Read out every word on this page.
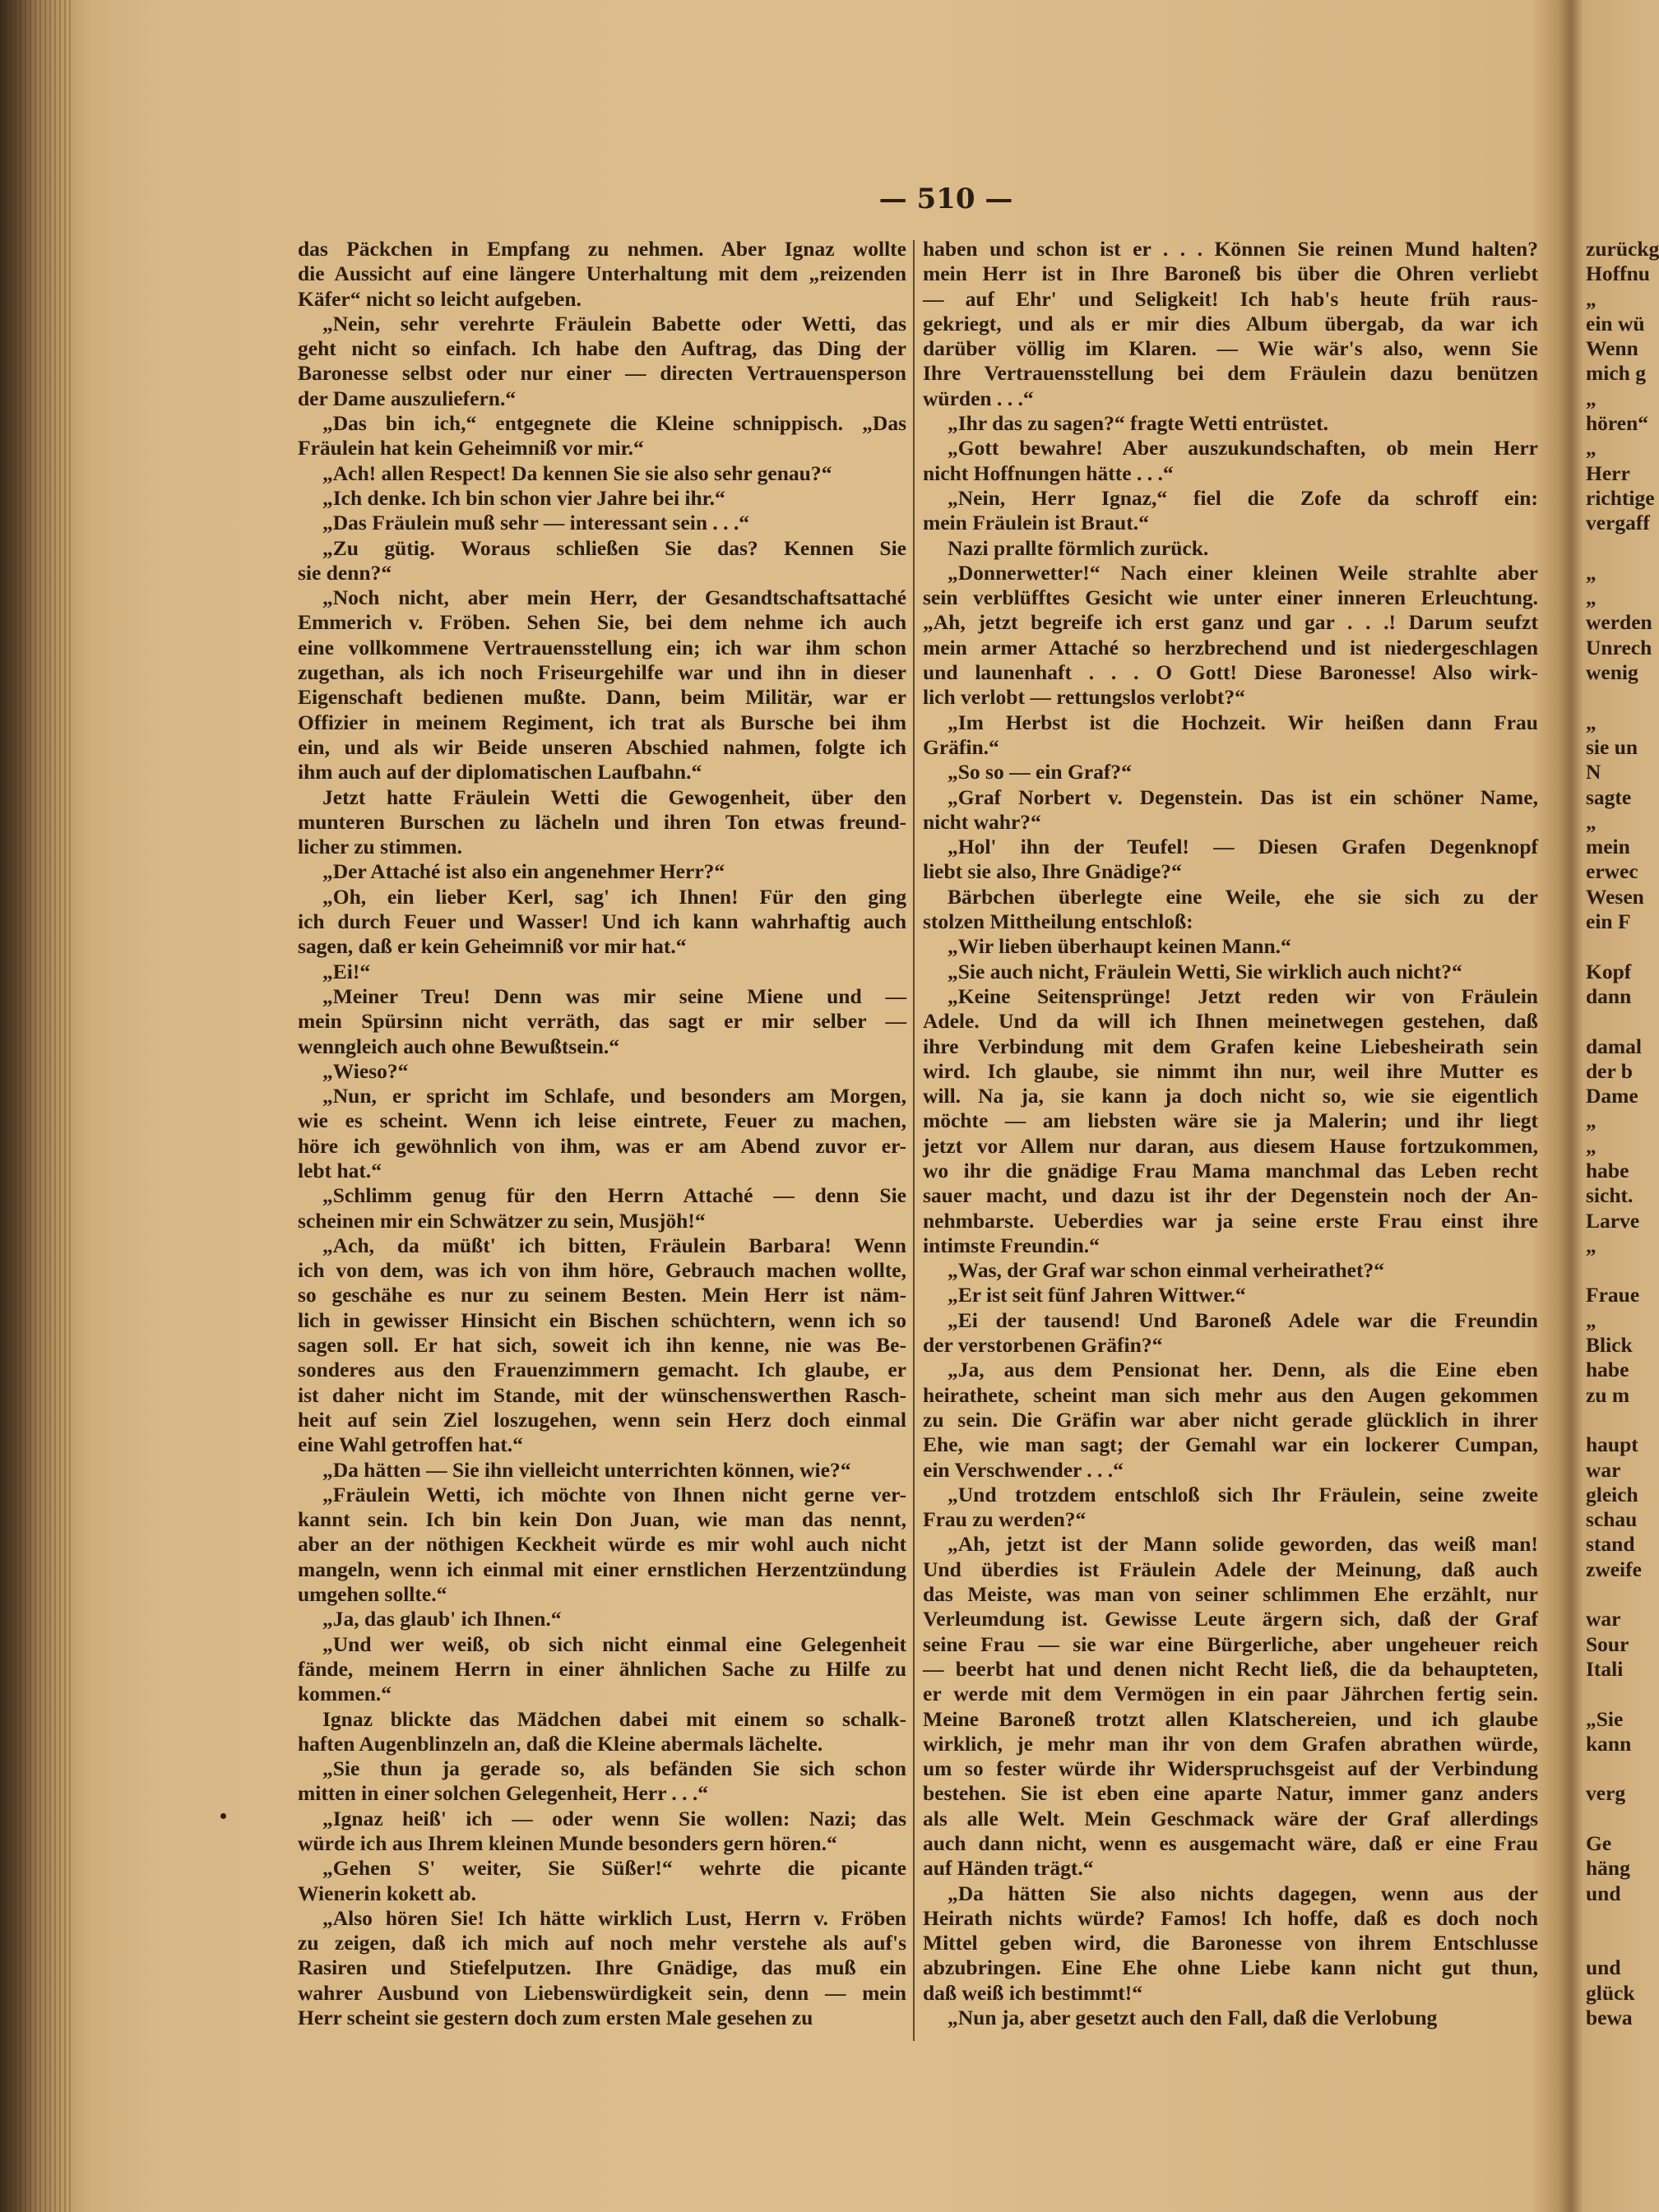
— 510 —
das Päckchen in Empfang zu nehmen. Aber Ignaz wollte
die Aussicht auf eine längere Unterhaltung mit dem „reizenden
Käfer“ nicht so leicht aufgeben.
„Nein, sehr verehrte Fräulein Babette oder Wetti, das
geht nicht so einfach. Ich habe den Auftrag, das Ding der
Baronesse selbst oder nur einer — directen Vertrauensperson
der Dame auszuliefern.“
„Das bin ich,“ entgegnete die Kleine schnippisch. „Das
Fräulein hat kein Geheimniß vor mir.“
„Ach! allen Respect! Da kennen Sie sie also sehr genau?“
„Ich denke. Ich bin schon vier Jahre bei ihr.“
„Das Fräulein muß sehr — interessant sein . . .“
„Zu gütig. Woraus schließen Sie das? Kennen Sie
sie denn?“
„Noch nicht, aber mein Herr, der Gesandtschaftsattaché
Emmerich v. Fröben. Sehen Sie, bei dem nehme ich auch
eine vollkommene Vertrauensstellung ein; ich war ihm schon
zugethan, als ich noch Friseurgehilfe war und ihn in dieser
Eigenschaft bedienen mußte. Dann, beim Militär, war er
Offizier in meinem Regiment, ich trat als Bursche bei ihm
ein, und als wir Beide unseren Abschied nahmen, folgte ich
ihm auch auf der diplomatischen Laufbahn.“
Jetzt hatte Fräulein Wetti die Gewogenheit, über den
munteren Burschen zu lächeln und ihren Ton etwas freund-
licher zu stimmen.
„Der Attaché ist also ein angenehmer Herr?“
„Oh, ein lieber Kerl, sag' ich Ihnen! Für den ging
ich durch Feuer und Wasser! Und ich kann wahrhaftig auch
sagen, daß er kein Geheimniß vor mir hat.“
„Ei!“
„Meiner Treu! Denn was mir seine Miene und —
mein Spürsinn nicht verräth, das sagt er mir selber —
wenngleich auch ohne Bewußtsein.“
„Wieso?“
„Nun, er spricht im Schlafe, und besonders am Morgen,
wie es scheint. Wenn ich leise eintrete, Feuer zu machen,
höre ich gewöhnlich von ihm, was er am Abend zuvor er-
lebt hat.“
„Schlimm genug für den Herrn Attaché — denn Sie
scheinen mir ein Schwätzer zu sein, Musjöh!“
„Ach, da müßt' ich bitten, Fräulein Barbara! Wenn
ich von dem, was ich von ihm höre, Gebrauch machen wollte,
so geschähe es nur zu seinem Besten. Mein Herr ist näm-
lich in gewisser Hinsicht ein Bischen schüchtern, wenn ich so
sagen soll. Er hat sich, soweit ich ihn kenne, nie was Be-
sonderes aus den Frauenzimmern gemacht. Ich glaube, er
ist daher nicht im Stande, mit der wünschenswerthen Rasch-
heit auf sein Ziel loszugehen, wenn sein Herz doch einmal
eine Wahl getroffen hat.“
„Da hätten — Sie ihn vielleicht unterrichten können, wie?“
„Fräulein Wetti, ich möchte von Ihnen nicht gerne ver-
kannt sein. Ich bin kein Don Juan, wie man das nennt,
aber an der nöthigen Keckheit würde es mir wohl auch nicht
mangeln, wenn ich einmal mit einer ernstlichen Herzentzündung
umgehen sollte.“
„Ja, das glaub' ich Ihnen.“
„Und wer weiß, ob sich nicht einmal eine Gelegenheit
fände, meinem Herrn in einer ähnlichen Sache zu Hilfe zu
kommen.“
Ignaz blickte das Mädchen dabei mit einem so schalk-
haften Augenblinzeln an, daß die Kleine abermals lächelte.
„Sie thun ja gerade so, als befänden Sie sich schon
mitten in einer solchen Gelegenheit, Herr . . .“
„Ignaz heiß' ich — oder wenn Sie wollen: Nazi; das
würde ich aus Ihrem kleinen Munde besonders gern hören.“
„Gehen S' weiter, Sie Süßer!“ wehrte die picante
Wienerin kokett ab.
„Also hören Sie! Ich hätte wirklich Lust, Herrn v. Fröben
zu zeigen, daß ich mich auf noch mehr verstehe als auf's
Rasiren und Stiefelputzen. Ihre Gnädige, das muß ein
wahrer Ausbund von Liebenswürdigkeit sein, denn — mein
Herr scheint sie gestern doch zum ersten Male gesehen zu
haben und schon ist er . . . Können Sie reinen Mund halten?
mein Herr ist in Ihre Baroneß bis über die Ohren verliebt
— auf Ehr' und Seligkeit! Ich hab's heute früh raus-
gekriegt, und als er mir dies Album übergab, da war ich
darüber völlig im Klaren. — Wie wär's also, wenn Sie
Ihre Vertrauensstellung bei dem Fräulein dazu benützen
würden . . .“
„Ihr das zu sagen?“ fragte Wetti entrüstet.
„Gott bewahre! Aber auszukundschaften, ob mein Herr
nicht Hoffnungen hätte . . .“
„Nein, Herr Ignaz,“ fiel die Zofe da schroff ein:
mein Fräulein ist Braut.“
Nazi prallte förmlich zurück.
„Donnerwetter!“ Nach einer kleinen Weile strahlte aber
sein verblüfftes Gesicht wie unter einer inneren Erleuchtung.
„Ah, jetzt begreife ich erst ganz und gar . . .! Darum seufzt
mein armer Attaché so herzbrechend und ist niedergeschlagen
und launenhaft . . . O Gott! Diese Baronesse! Also wirk-
lich verlobt — rettungslos verlobt?“
„Im Herbst ist die Hochzeit. Wir heißen dann Frau
Gräfin.“
„So so — ein Graf?“
„Graf Norbert v. Degenstein. Das ist ein schöner Name,
nicht wahr?“
„Hol' ihn der Teufel! — Diesen Grafen Degenknopf
liebt sie also, Ihre Gnädige?“
Bärbchen überlegte eine Weile, ehe sie sich zu der
stolzen Mittheilung entschloß:
„Wir lieben überhaupt keinen Mann.“
„Sie auch nicht, Fräulein Wetti, Sie wirklich auch nicht?“
„Keine Seitensprünge! Jetzt reden wir von Fräulein
Adele. Und da will ich Ihnen meinetwegen gestehen, daß
ihre Verbindung mit dem Grafen keine Liebesheirath sein
wird. Ich glaube, sie nimmt ihn nur, weil ihre Mutter es
will. Na ja, sie kann ja doch nicht so, wie sie eigentlich
möchte — am liebsten wäre sie ja Malerin; und ihr liegt
jetzt vor Allem nur daran, aus diesem Hause fortzukommen,
wo ihr die gnädige Frau Mama manchmal das Leben recht
sauer macht, und dazu ist ihr der Degenstein noch der An-
nehmbarste. Ueberdies war ja seine erste Frau einst ihre
intimste Freundin.“
„Was, der Graf war schon einmal verheirathet?“
„Er ist seit fünf Jahren Wittwer.“
„Ei der tausend! Und Baroneß Adele war die Freundin
der verstorbenen Gräfin?“
„Ja, aus dem Pensionat her. Denn, als die Eine eben
heirathete, scheint man sich mehr aus den Augen gekommen
zu sein. Die Gräfin war aber nicht gerade glücklich in ihrer
Ehe, wie man sagt; der Gemahl war ein lockerer Cumpan,
ein Verschwender . . .“
„Und trotzdem entschloß sich Ihr Fräulein, seine zweite
Frau zu werden?“
„Ah, jetzt ist der Mann solide geworden, das weiß man!
Und überdies ist Fräulein Adele der Meinung, daß auch
das Meiste, was man von seiner schlimmen Ehe erzählt, nur
Verleumdung ist. Gewisse Leute ärgern sich, daß der Graf
seine Frau — sie war eine Bürgerliche, aber ungeheuer reich
— beerbt hat und denen nicht Recht ließ, die da behaupteten,
er werde mit dem Vermögen in ein paar Jährchen fertig sein.
Meine Baroneß trotzt allen Klatschereien, und ich glaube
wirklich, je mehr man ihr von dem Grafen abrathen würde,
um so fester würde ihr Widerspruchsgeist auf der Verbindung
bestehen. Sie ist eben eine aparte Natur, immer ganz anders
als alle Welt. Mein Geschmack wäre der Graf allerdings
auch dann nicht, wenn es ausgemacht wäre, daß er eine Frau
auf Händen trägt.“
„Da hätten Sie also nichts dagegen, wenn aus der
Heirath nichts würde? Famos! Ich hoffe, daß es doch noch
Mittel geben wird, die Baronesse von ihrem Entschlusse
abzubringen. Eine Ehe ohne Liebe kann nicht gut thun,
daß weiß ich bestimmt!“
„Nun ja, aber gesetzt auch den Fall, daß die Verlobung
zurückg
Hoffnu
„
ein wü
Wenn
mich g
„
hören“
„
Herr
richtige
vergaff
„
„
werden
Unrech
wenig
„
sie un
N
sagte
„
mein
erwec
Wesen
ein F
Kopf
dann
damal
der b
Dame
„
„
habe
sicht.
Larve
„
Fraue
„
Blick
habe
zu m
haupt
war
gleich
schau
stand
zweife
war
Sour
Itali
„Sie
kann
verg
Ge
häng
und
und
glück
bewa
